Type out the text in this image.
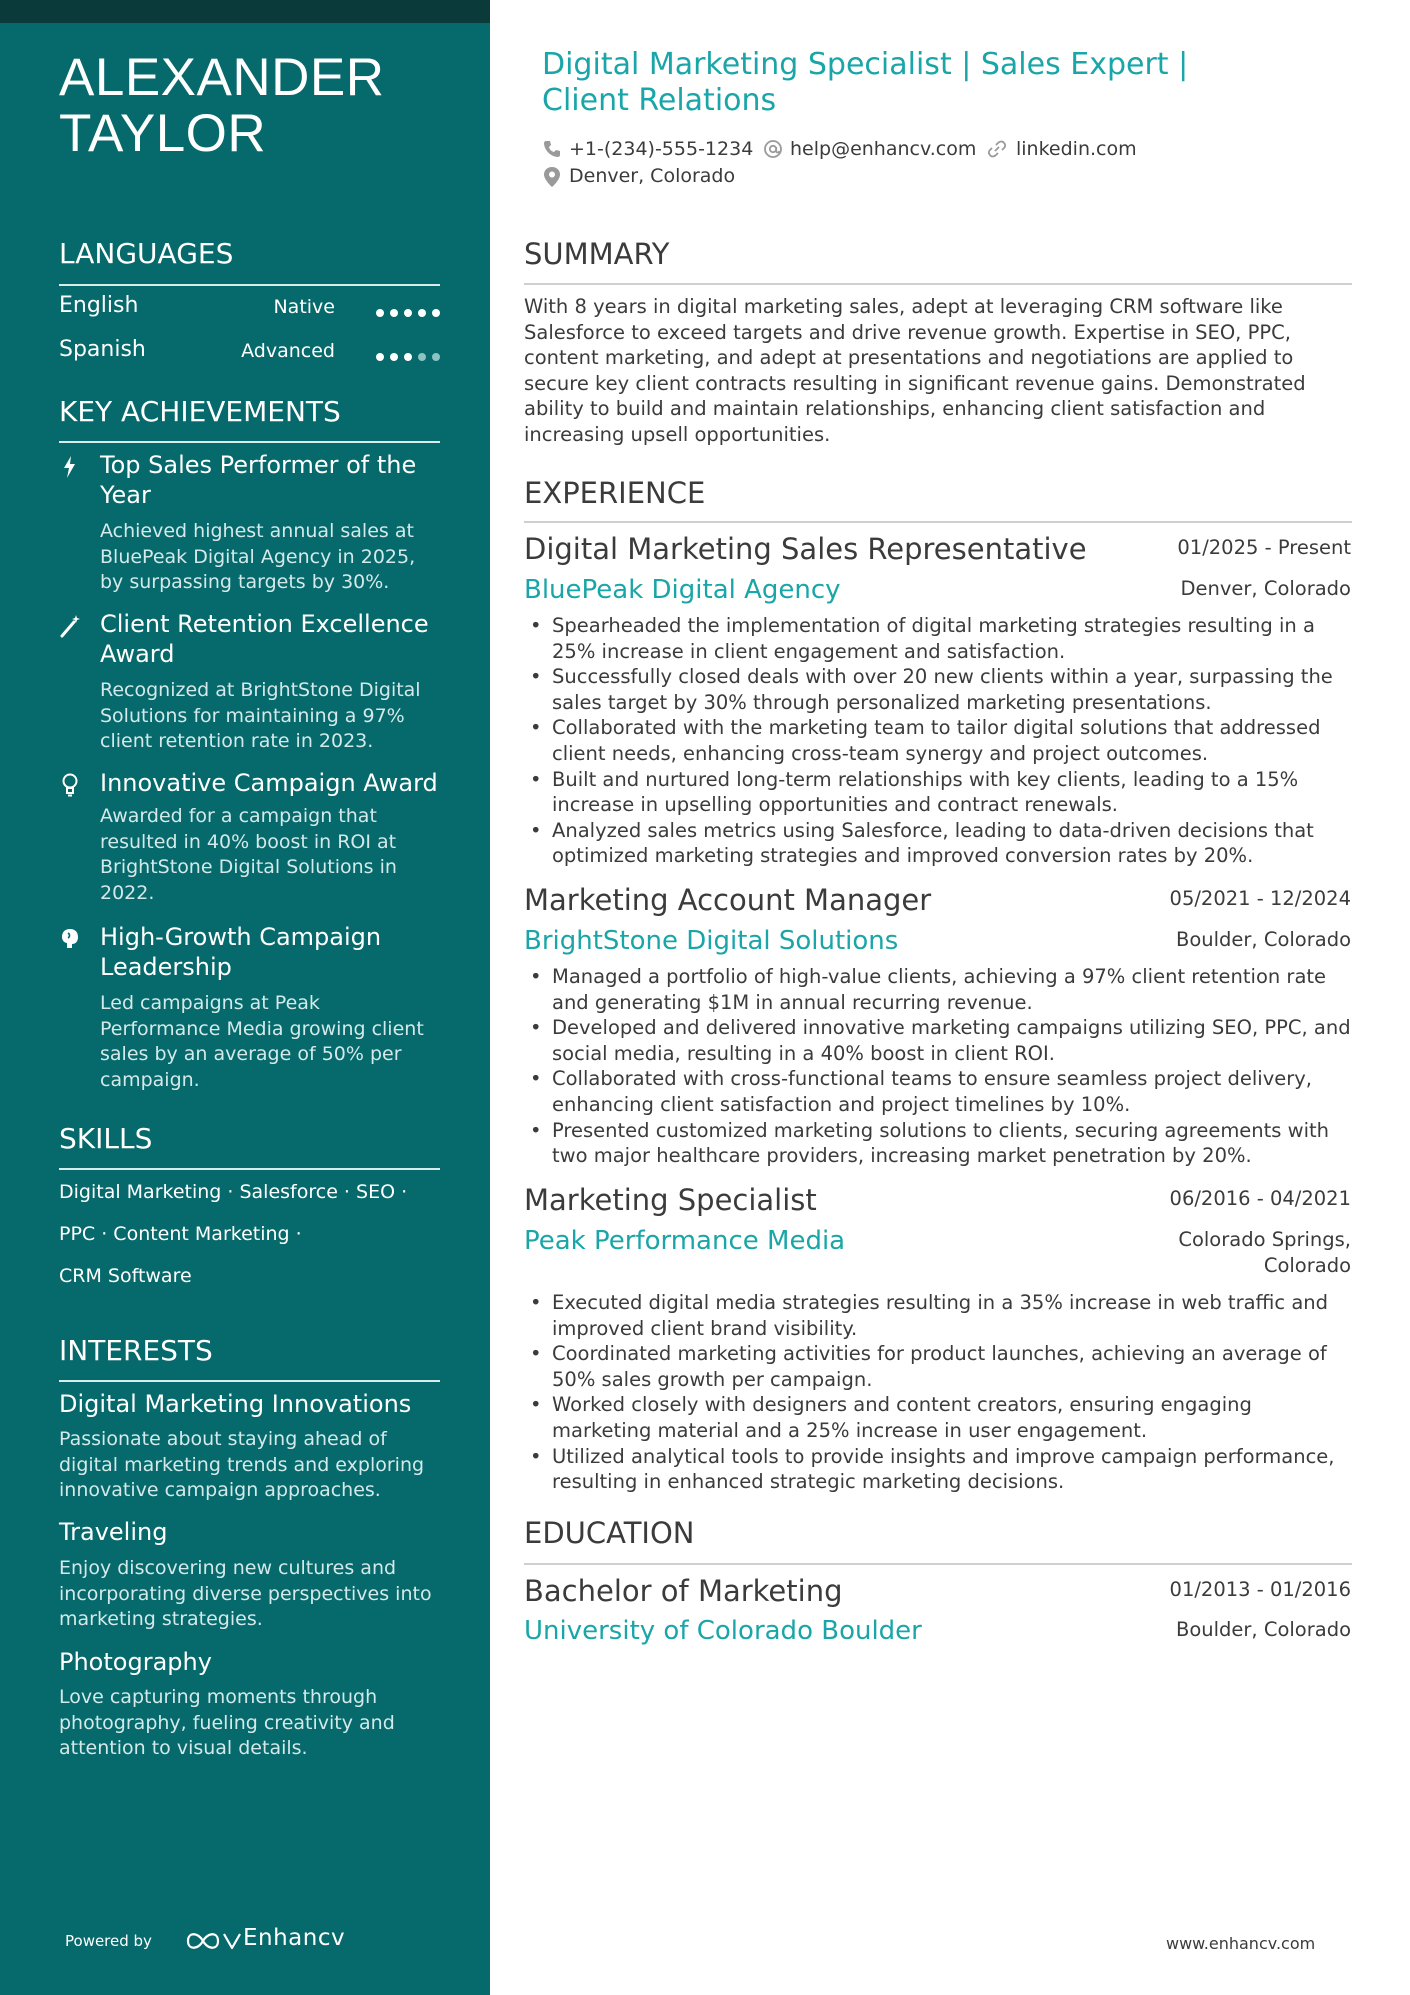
ALEXANDER
TAYLOR
LANGUAGES
English	Native
Spanish	Advanced
KEY ACHIEVEMENTS
Top Sales Performer of the Year
Achieved highest annual sales at BluePeak Digital Agency in 2025, by surpassing targets by 30%.
Client Retention Excellence Award
Recognized at BrightStone Digital Solutions for maintaining a 97% client retention rate in 2023.
Innovative Campaign Award
Awarded for a campaign that resulted in 40% boost in ROI at BrightStone Digital Solutions in 2022.
High-Growth Campaign Leadership
Led campaigns at Peak Performance Media growing client sales by an average of 50% per campaign.
SKILLS
Digital Marketing · Salesforce · SEO ·
PPC · Content Marketing ·
CRM Software
INTERESTS
Digital Marketing Innovations
Passionate about staying ahead of digital marketing trends and exploring innovative campaign approaches.
Traveling
Enjoy discovering new cultures and incorporating diverse perspectives into marketing strategies.
Photography
Love capturing moments through photography, fueling creativity and attention to visual details.
Powered by	Enhancv
Digital Marketing Specialist | Sales Expert | Client Relations
+1-(234)-555-1234 help@enhancv.com linkedin.com
Denver, Colorado
SUMMARY
With 8 years in digital marketing sales, adept at leveraging CRM software like Salesforce to exceed targets and drive revenue growth. Expertise in SEO, PPC, content marketing, and adept at presentations and negotiations are applied to secure key client contracts resulting in significant revenue gains. Demonstrated ability to build and maintain relationships, enhancing client satisfaction and increasing upsell opportunities.
EXPERIENCE
Digital Marketing Sales Representative	01/2025 - Present
BluePeak Digital Agency	Denver, Colorado
• Spearheaded the implementation of digital marketing strategies resulting in a 25% increase in client engagement and satisfaction.
• Successfully closed deals with over 20 new clients within a year, surpassing the sales target by 30% through personalized marketing presentations.
• Collaborated with the marketing team to tailor digital solutions that addressed client needs, enhancing cross-team synergy and project outcomes.
• Built and nurtured long-term relationships with key clients, leading to a 15% increase in upselling opportunities and contract renewals.
• Analyzed sales metrics using Salesforce, leading to data-driven decisions that optimized marketing strategies and improved conversion rates by 20%.
Marketing Account Manager	05/2021 - 12/2024
BrightStone Digital Solutions	Boulder, Colorado
• Managed a portfolio of high-value clients, achieving a 97% client retention rate and generating $1M in annual recurring revenue.
• Developed and delivered innovative marketing campaigns utilizing SEO, PPC, and social media, resulting in a 40% boost in client ROI.
• Collaborated with cross-functional teams to ensure seamless project delivery, enhancing client satisfaction and project timelines by 10%.
• Presented customized marketing solutions to clients, securing agreements with two major healthcare providers, increasing market penetration by 20%.
Marketing Specialist	06/2016 - 04/2021
Peak Performance Media	Colorado Springs,
Colorado
• Executed digital media strategies resulting in a 35% increase in web traffic and improved client brand visibility.
• Coordinated marketing activities for product launches, achieving an average of 50% sales growth per campaign.
• Worked closely with designers and content creators, ensuring engaging marketing material and a 25% increase in user engagement.
• Utilized analytical tools to provide insights and improve campaign performance, resulting in enhanced strategic marketing decisions.
EDUCATION
Bachelor of Marketing	01/2013 - 01/2016
University of Colorado Boulder	Boulder, Colorado
www.enhancv.com
